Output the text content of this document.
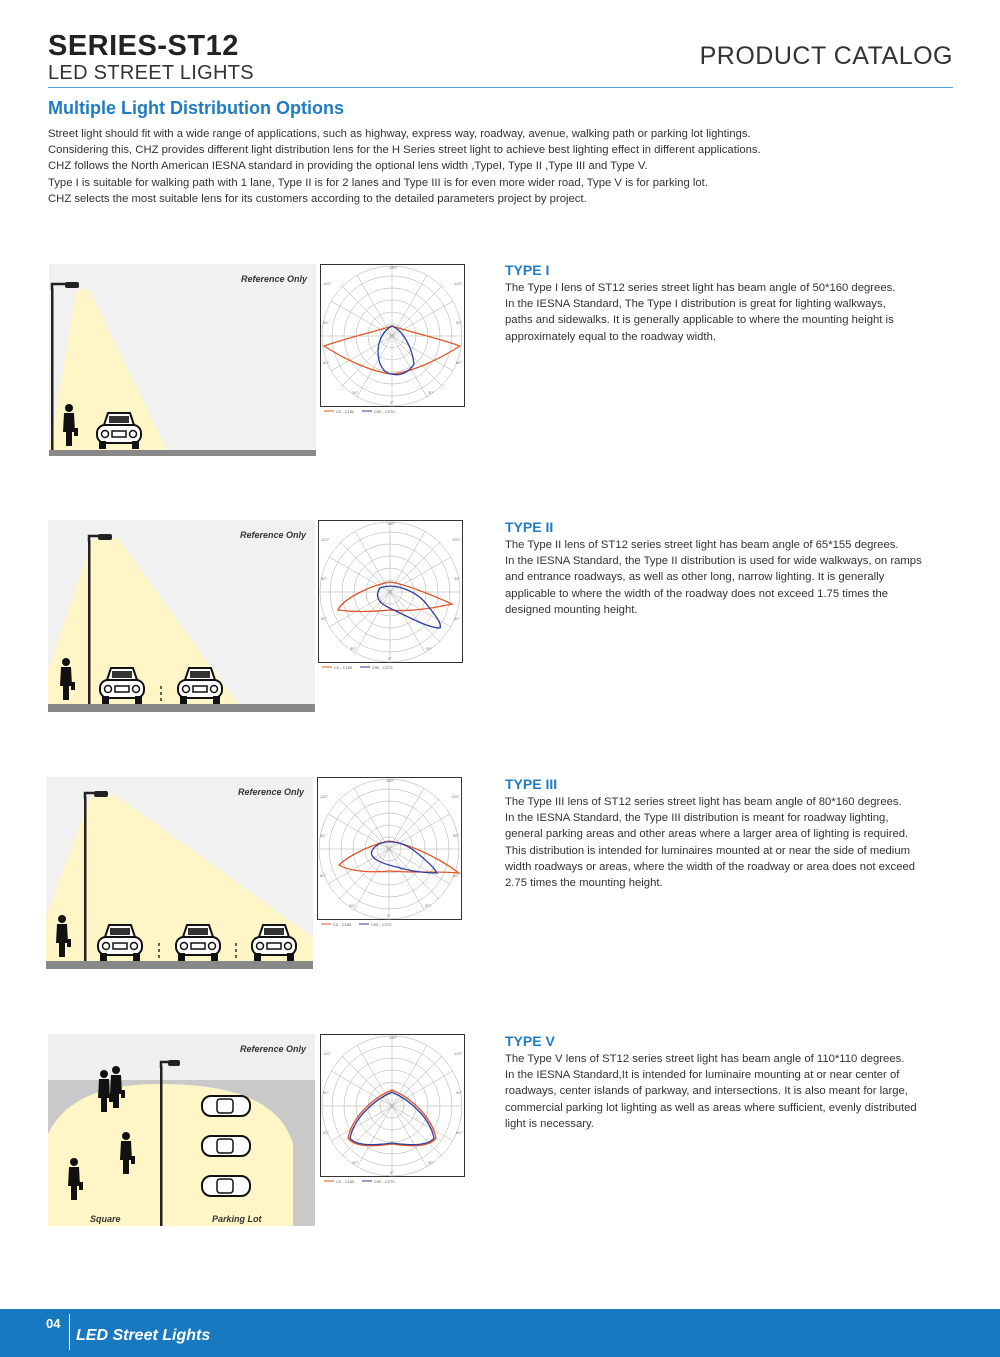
SERIES-ST12
LED STREET LIGHTS
PRODUCT CATALOG
Multiple Light Distribution Options

Street light should fit with a wide range of applications, such as highway, express way, roadway, avenue, walking path or parking lot lightings.

Considering this, CHZ provides different light distribution lens for the H Series street light to achieve best lighting effect in different applications.

CHZ follows the North American IESNA standard in providing the optional lens width ,TypeI, Type II ,Type III and Type V.

Type I is suitable for walking path with 1 lane, Type II is for 2 lanes and Type III is for even more wider road, Type V is for parking lot.

CHZ selects the most suitable lens for its customers according to the detailed parameters project by project.

Reference Only
C0 - C180	C90 - C270
180°
120°	120°
90°	90°
60°	60°
30°	30°
0°
TYPE I

The Type I lens of ST12 series street light has beam angle of 50*160 degrees.
In the IESNA Standard, The Type I distribution is great for lighting walkways,
paths and sidewalks. It is generally applicable to where the mounting height is
approximately equal to the roadway width.

Reference Only
C0 - C180	C90 - C270
180°
120°	120°
90°	90°
60°	60°
30°	30°
0°
TYPE II

The Type II lens of ST12 series street light has beam angle of 65*155 degrees.
In the IESNA Standard, the Type II distribution is used for wide walkways, on ramps
and entrance roadways, as well as other long, narrow lighting. It is generally
applicable to where the width of the roadway does not exceed 1.75 times the
designed mounting height.

Reference Only
C0 - C180	C90 - C270
180°
120°	120°
90°	90°
60°	60°
30°	30°
0°
TYPE III

The Type III lens of ST12 series street light has beam angle of 80*160 degrees.
In the IESNA Standard, the Type III distribution is meant for roadway lighting,
general parking areas and other areas where a larger area of lighting is required.
This distribution is intended for luminaires mounted at or near the side of medium
width roadways or areas, where the width of the roadway or area does not exceed
2.75 times the mounting height.

Reference Only
Square	Parking Lot
C0 - C180	C90 - C270
180°
120°	120°
90°	90°
60°	60°
30°	30°
0°
TYPE V

The Type V lens of ST12 series street light has beam angle of 110*110 degrees.
In the IESNA Standard,It is intended for luminaire mounting at or near center of
roadways, center islands of parkway, and intersections. It is also meant for large,
commercial parking lot lighting as well as areas where sufficient, evenly distributed
light is necessary.

04
LED Street Lights
